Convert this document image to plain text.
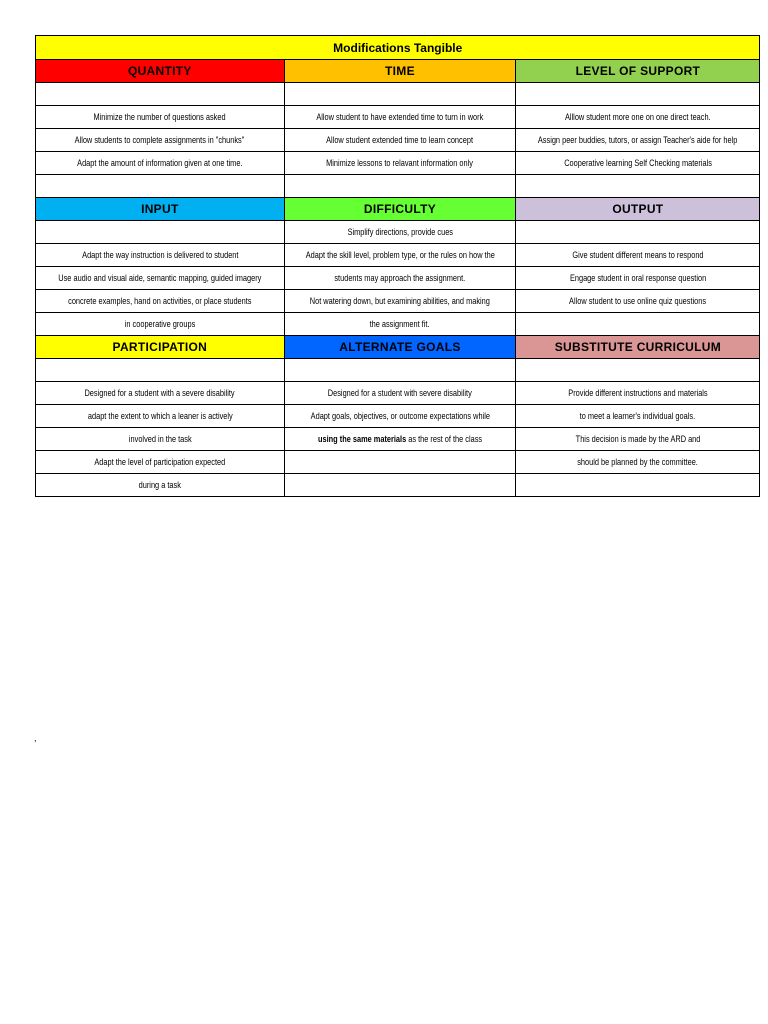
Modifications Tangible		
QUANTITY	TIME	LEVEL OF SUPPORT

Minimize the number of questions asked	Allow student to have extended time to turn in work	Alllow student more one on one direct teach.
Allow students to complete assignments in "chunks"	Allow student extended time to learn concept	Assign peer buddies, tutors, or assign Teacher's aide for help
Adapt the amount of information given at one time.	Minimize lessons to relavant information only	Cooperative learning Self Checking materials

INPUT	DIFFICULTY	OUTPUT
	Simplify directions, provide cues	
Adapt the way instruction is delivered to student	Adapt the skill level, problem type, or the rules on how the	Give student different means to respond
Use audio and visual aide, semantic mapping, guided imagery	students may approach the assignment.	Engage student in oral response question
concrete examples, hand on activities, or place students	Not watering down, but examining abilities, and making	Allow student to use online quiz questions
in cooperative groups	the assignment fit.	
PARTICIPATION	ALTERNATE GOALS	SUBSTITUTE CURRICULUM

Designed for a student with a severe disability	Designed for a student with severe disability	Provide different instructions and materials
adapt the extent to which a leaner is actively	Adapt goals, objectives, or outcome expectations while	to meet a learner's individual goals.
involved in the task	using the same materials as the rest of the class	This decision is made by the ARD and
Adapt the level of participation expected		should be planned by the committee.
during a task		
,
